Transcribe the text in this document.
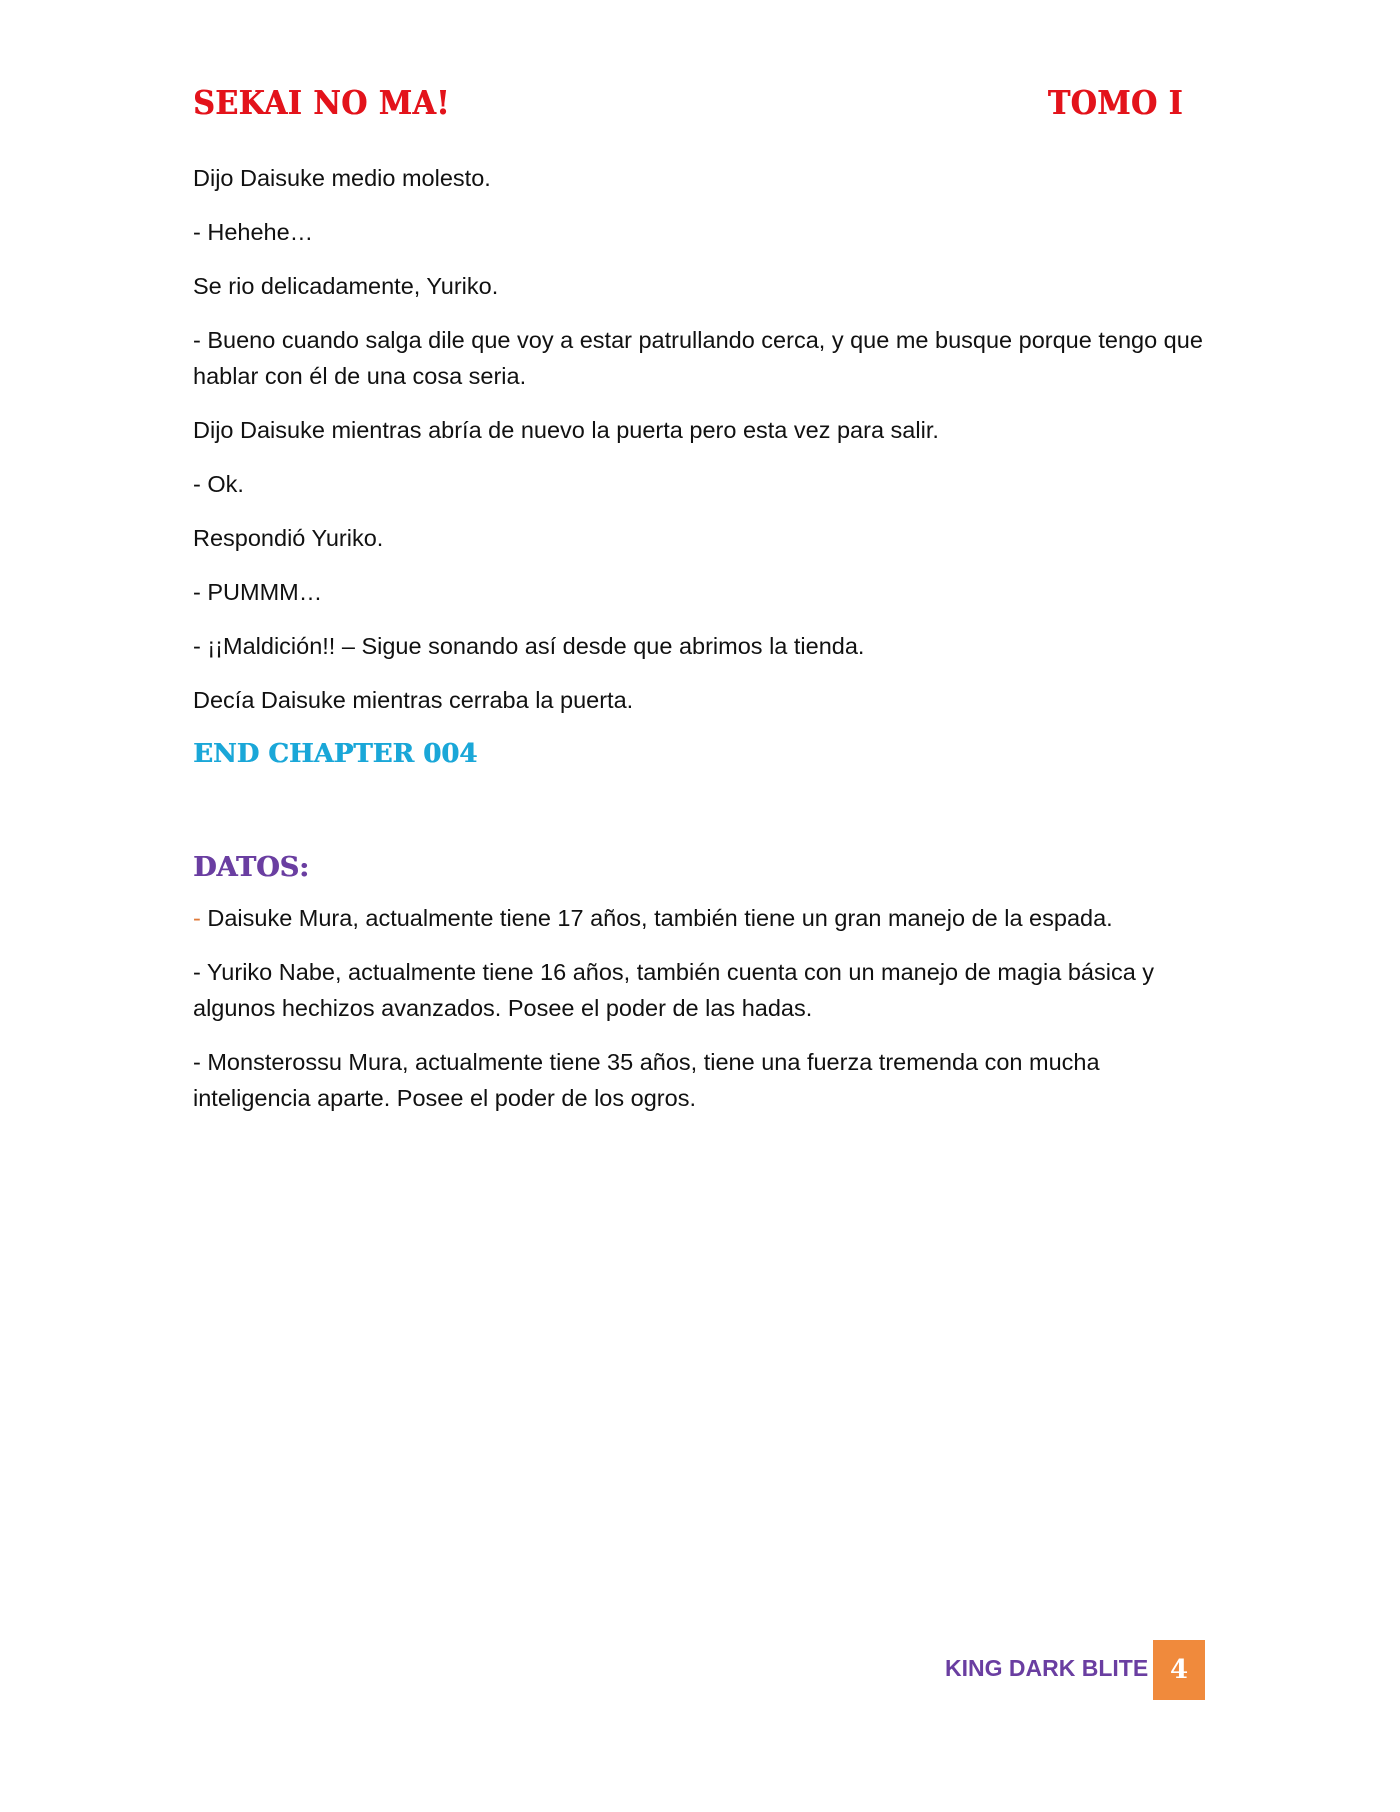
SEKAI NO MA!	TOMO I

Dijo Daisuke medio molesto.

- Hehehe…

Se rio delicadamente, Yuriko.

- Bueno cuando salga dile que voy a estar patrullando cerca, y que me busque porque tengo que hablar con él de una cosa seria.

Dijo Daisuke mientras abría de nuevo la puerta pero esta vez para salir.

- Ok.

Respondió Yuriko.

- PUMMM…

- ¡¡Maldición!! – Sigue sonando así desde que abrimos la tienda.

Decía Daisuke mientras cerraba la puerta.

END CHAPTER 004
DATOS:

- Daisuke Mura, actualmente tiene 17 años, también tiene un gran manejo de la espada.

- Yuriko Nabe, actualmente tiene 16 años, también cuenta con un manejo de magia básica y algunos hechizos avanzados. Posee el poder de las hadas.

- Monsterossu Mura, actualmente tiene 35 años, tiene una fuerza tremenda con mucha inteligencia aparte. Posee el poder de los ogros.

KING DARK BLITE 4
